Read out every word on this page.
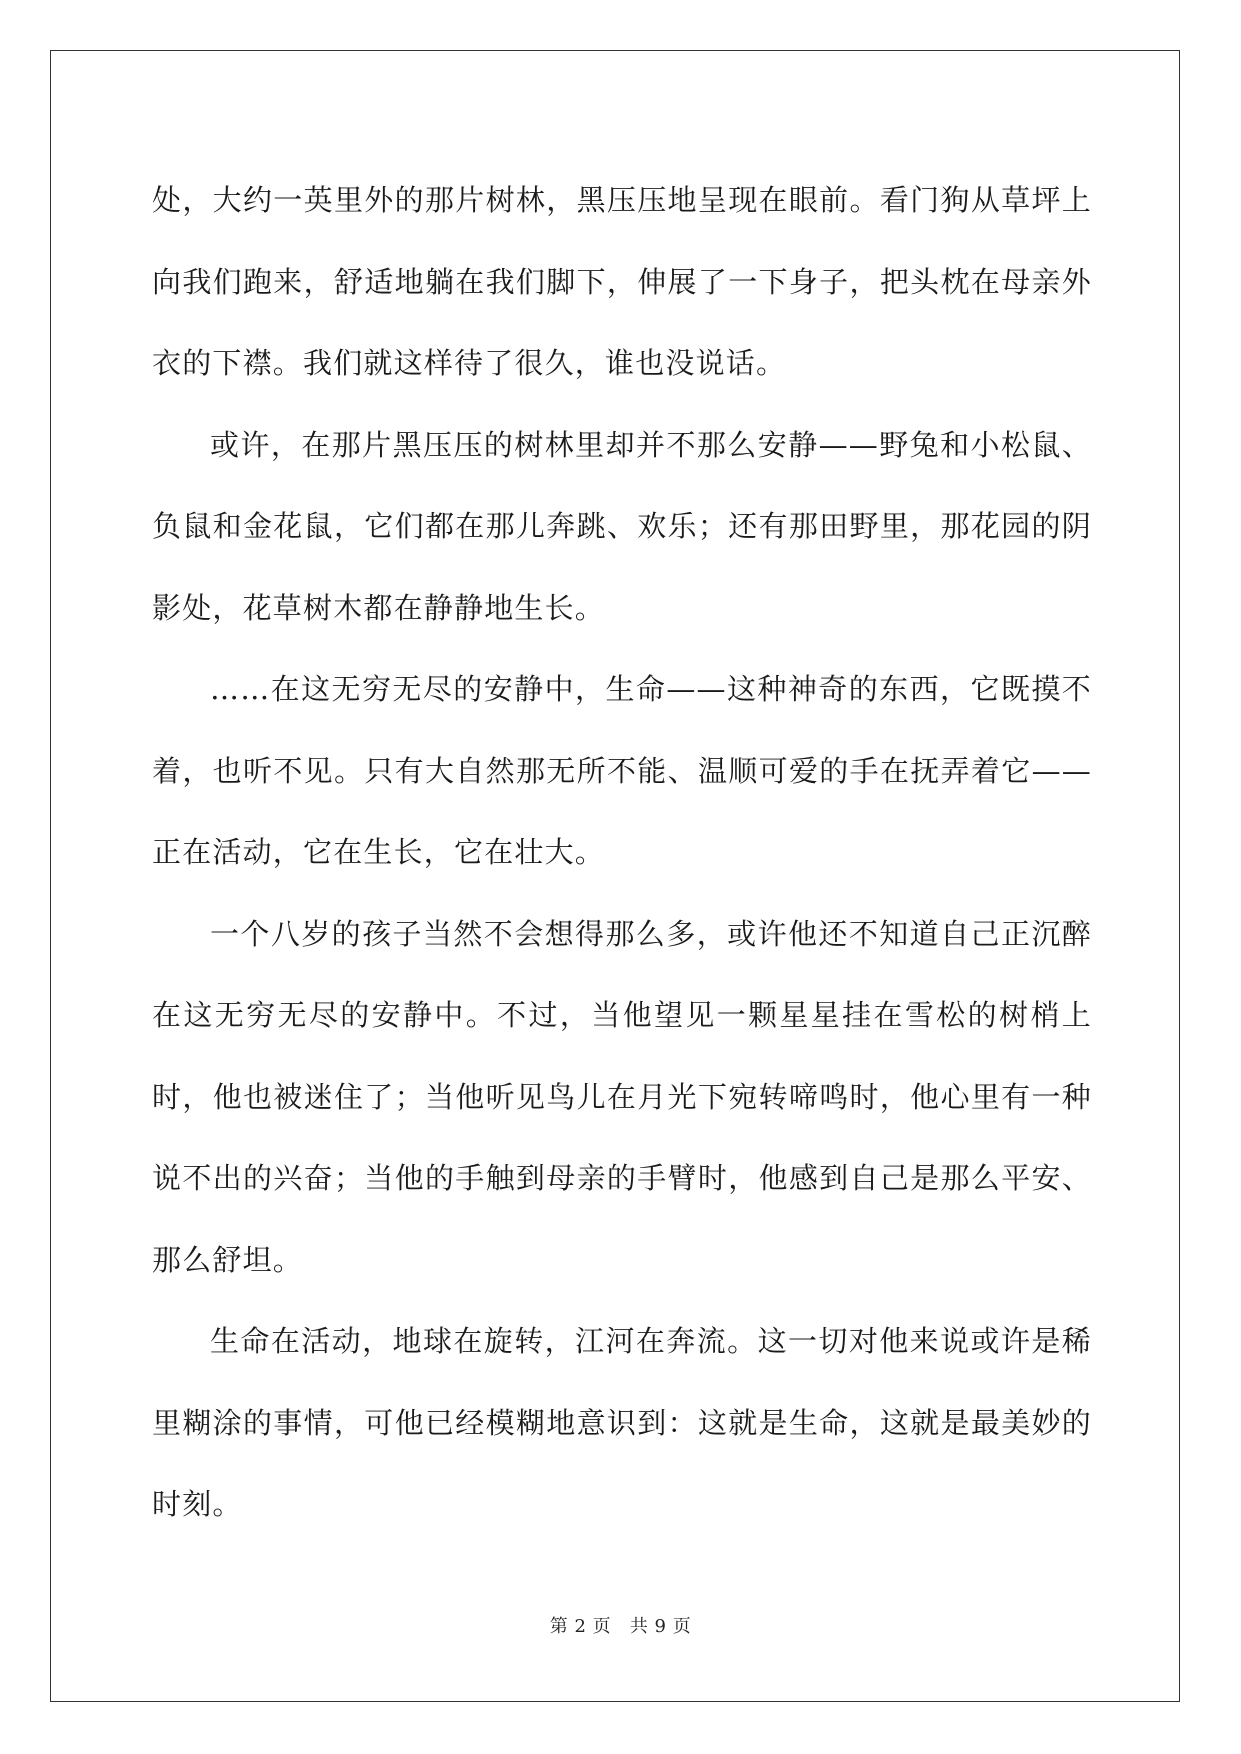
处，大约一英里外的那片树林，黑压压地呈现在眼前。看门狗从草坪上向我们跑来，舒适地躺在我们脚下，伸展了一下身子，把头枕在母亲外衣的下襟。我们就这样待了很久，谁也没说话。

或许，在那片黑压压的树林里却并不那么安静——野兔和小松鼠、负鼠和金花鼠，它们都在那儿奔跳、欢乐；还有那田野里，那花园的阴影处，花草树木都在静静地生长。

……在这无穷无尽的安静中，生命——这种神奇的东西，它既摸不着，也听不见。只有大自然那无所不能、温顺可爱的手在抚弄着它——正在活动，它在生长，它在壮大。

一个八岁的孩子当然不会想得那么多，或许他还不知道自己正沉醉在这无穷无尽的安静中。不过，当他望见一颗星星挂在雪松的树梢上时，他也被迷住了；当他听见鸟儿在月光下宛转啼鸣时，他心里有一种说不出的兴奋；当他的手触到母亲的手臂时，他感到自己是那么平安、那么舒坦。

生命在活动，地球在旋转，江河在奔流。这一切对他来说或许是稀里糊涂的事情，可他已经模糊地意识到：这就是生命，这就是最美妙的时刻。

第 2 页   共 9 页
